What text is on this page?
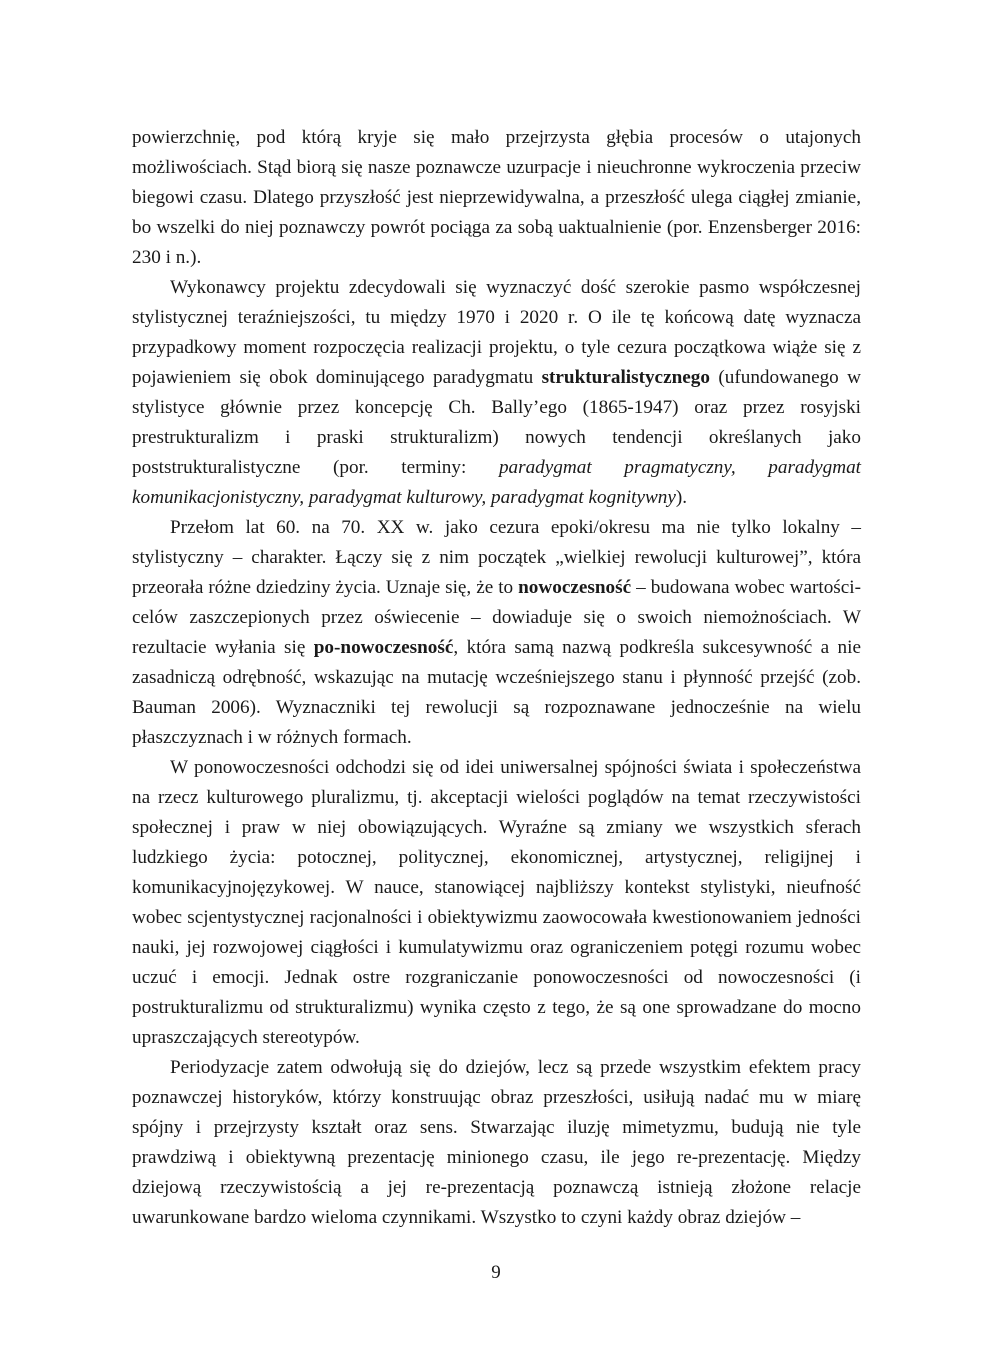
powierzchnię, pod którą kryje się mało przejrzysta głębia procesów o utajonych możliwościach. Stąd biorą się nasze poznawcze uzurpacje i nieuchronne wykroczenia przeciw biegowi czasu. Dlatego przyszłość jest nieprzewidywalna, a przeszłość ulega ciągłej zmianie, bo wszelki do niej poznawczy powrót pociąga za sobą uaktualnienie (por. Enzensberger 2016: 230 i n.).

Wykonawcy projektu zdecydowali się wyznaczyć dość szerokie pasmo współczesnej stylistycznej teraźniejszości, tu między 1970 i 2020 r. O ile tę końcową datę wyznacza przypadkowy moment rozpoczęcia realizacji projektu, o tyle cezura początkowa wiąże się z pojawieniem się obok dominującego paradygmatu strukturalistycznego (ufundowanego w stylistyce głównie przez koncepcję Ch. Bally’ego (1865-1947) oraz przez rosyjski prestrukturalizm i praski strukturalizm) nowych tendencji określanych jako poststrukturalistyczne (por. terminy: paradygmat pragmatyczny, paradygmat komunikacjonistyczny, paradygmat kulturowy, paradygmat kognitywny).

Przełom lat 60. na 70. XX w. jako cezura epoki/okresu ma nie tylko lokalny – stylistyczny – charakter. Łączy się z nim początek „wielkiej rewolucji kulturowej”, która przeorała różne dziedziny życia. Uznaje się, że to nowoczesność – budowana wobec wartości-celów zaszczepionych przez oświecenie – dowiaduje się o swoich niemożnościach. W rezultacie wyłania się po-nowoczesność, która samą nazwą podkreśla sukcesywność a nie zasadniczą odrębność, wskazując na mutację wcześniejszego stanu i płynność przejść (zob. Bauman 2006). Wyznaczniki tej rewolucji są rozpoznawane jednocześnie na wielu płaszczyznach i w różnych formach.

W ponowoczesności odchodzi się od idei uniwersalnej spójności świata i społeczeństwa na rzecz kulturowego pluralizmu, tj. akceptacji wielości poglądów na temat rzeczywistości społecznej i praw w niej obowiązujących. Wyraźne są zmiany we wszystkich sferach ludzkiego życia: potocznej, politycznej, ekonomicznej, artystycznej, religijnej i komunikacyjnojęzykowej. W nauce, stanowiącej najbliższy kontekst stylistyki, nieufność wobec scjentystycznej racjonalności i obiektywizmu zaowocowała kwestionowaniem jedności nauki, jej rozwojowej ciągłości i kumulatywizmu oraz ograniczeniem potęgi rozumu wobec uczuć i emocji. Jednak ostre rozgraniczanie ponowoczesności od nowoczesności (i postrukturalizmu od strukturalizmu) wynika często z tego, że są one sprowadzane do mocno upraszczających stereotypów.

Periodyzacje zatem odwołują się do dziejów, lecz są przede wszystkim efektem pracy poznawczej historyków, którzy konstruując obraz przeszłości, usiłują nadać mu w miarę spójny i przejrzysty kształt oraz sens. Stwarzając iluzję mimetyzmu, budują nie tyle prawdziwą i obiektywną prezentację minionego czasu, ile jego re-prezentację. Między dziejową rzeczywistością a jej re-prezentacją poznawczą istnieją złożone relacje uwarunkowane bardzo wieloma czynnikami. Wszystko to czyni każdy obraz dziejów –

9
